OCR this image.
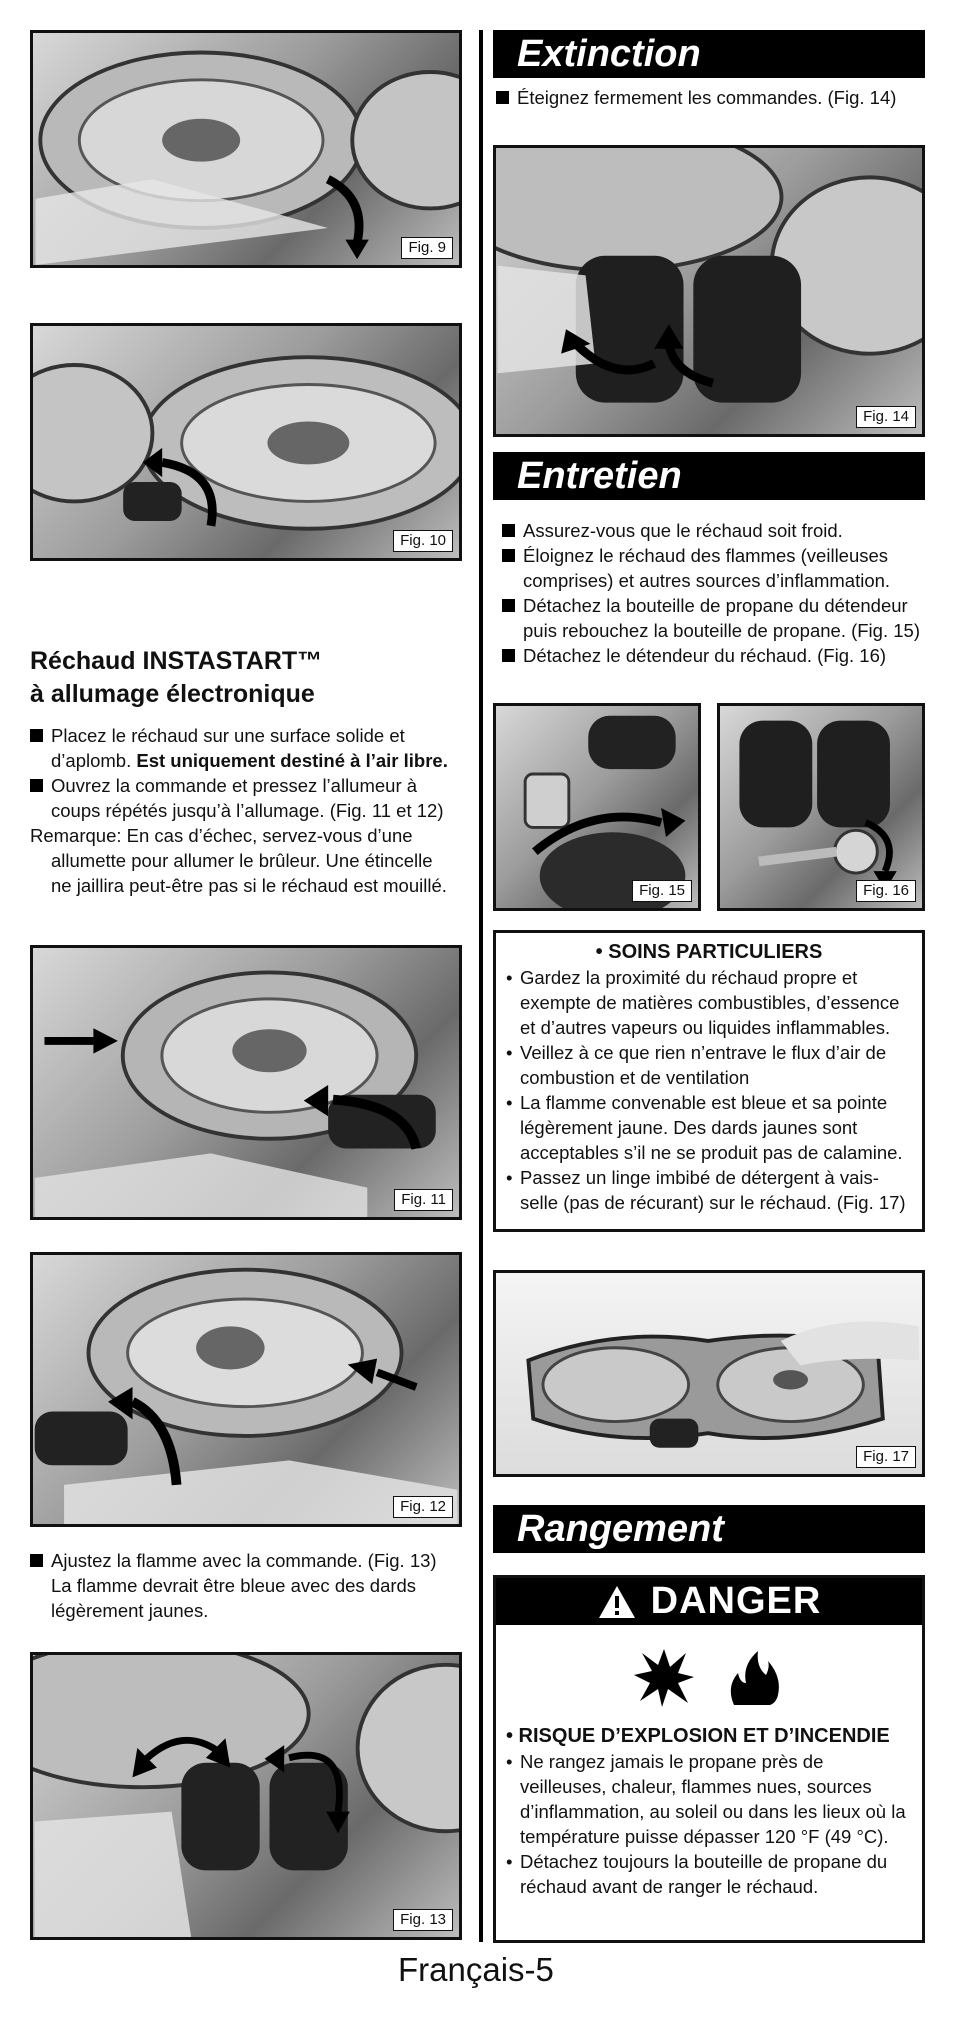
Fig. 9
Fig. 10
Réchaud INSTASTART™
à allumage électronique
Placez le réchaud sur une surface solide et
d’aplomb. Est uniquement destiné à l’air libre.
Ouvrez la commande et pressez l’allumeur à
coups répétés jusqu’à l’allumage. (Fig. 11 et 12)
Remarque: En cas d’échec, servez-vous d’une
allumette pour allumer le brûleur. Une étincelle
ne jaillira peut-être pas si le réchaud est mouillé.
Fig. 11
Fig. 12
Ajustez la flamme avec la commande. (Fig. 13)
La flamme devrait être bleue avec des dards
légèrement jaunes.
Fig. 13
Extinction
Éteignez fermement les commandes. (Fig. 14)
Fig. 14
Entretien
Assurez-vous que le réchaud soit froid.
Éloignez le réchaud des flammes (veilleuses
comprises) et autres sources d’inflammation.
Détachez la bouteille de propane du détendeur
puis rebouchez la bouteille de propane. (Fig. 15)
Détachez le détendeur du réchaud. (Fig. 16)
Fig. 15	Fig. 16
• SOINS PARTICULIERS
• Gardez la proximité du réchaud propre et
exempte de matières combustibles, d’essence
et d’autres vapeurs ou liquides inflammables.
• Veillez à ce que rien n’entrave le flux d’air de
combustion et de ventilation
• La flamme convenable est bleue et sa pointe
légèrement jaune. Des dards jaunes sont
acceptables s’il ne se produit pas de calamine.
• Passez un linge imbibé de détergent à vais-
selle (pas de récurant) sur le réchaud. (Fig. 17)
Fig. 17
Rangement
DANGER
• RISQUE D’EXPLOSION ET D’INCENDIE
• Ne rangez jamais le propane près de
veilleuses, chaleur, flammes nues, sources
d’inflammation, au soleil ou dans les lieux où la
température puisse dépasser 120 °F (49 °C).
• Détachez toujours la bouteille de propane du
réchaud avant de ranger le réchaud.
Français-5
